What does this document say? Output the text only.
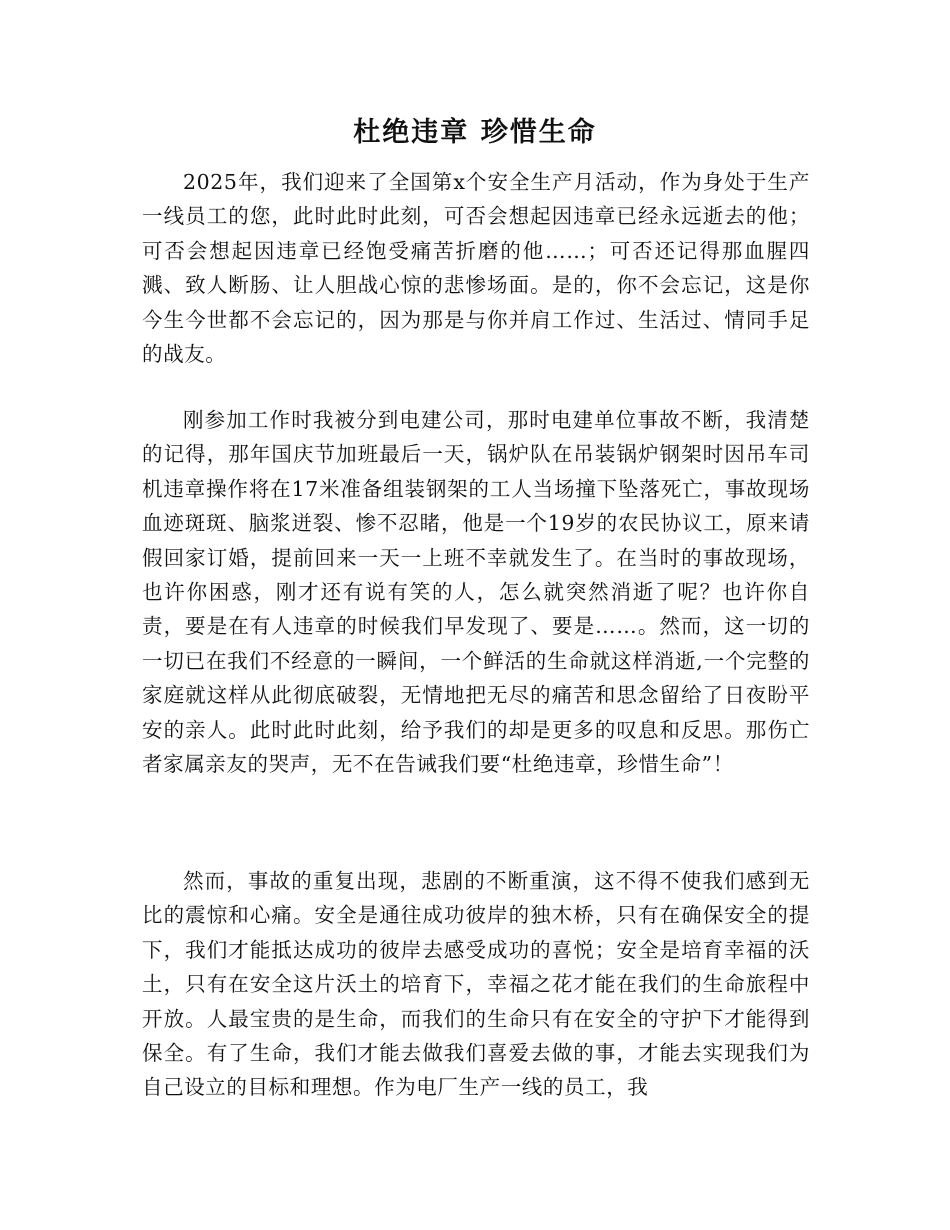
杜绝违章 珍惜生命

2025年，我们迎来了全国第x个安全生产月活动，作为身处于生产一线员工的您，此时此时此刻，可否会想起因违章已经永远逝去的他；可否会想起因违章已经饱受痛苦折磨的他……；可否还记得那血腥四溅、致人断肠、让人胆战心惊的悲惨场面。是的，你不会忘记，这是你今生今世都不会忘记的，因为那是与你并肩工作过、生活过、情同手足的战友。

刚参加工作时我被分到电建公司，那时电建单位事故不断，我清楚的记得，那年国庆节加班最后一天，锅炉队在吊装锅炉钢架时因吊车司机违章操作将在17米准备组装钢架的工人当场撞下坠落死亡，事故现场血迹斑斑、脑浆迸裂、惨不忍睹，他是一个19岁的农民协议工，原来请假回家订婚，提前回来一天一上班不幸就发生了。在当时的事故现场，也许你困惑，刚才还有说有笑的人，怎么就突然消逝了呢？也许你自责，要是在有人违章的时候我们早发现了、要是……。然而，这一切的一切已在我们不经意的一瞬间，一个鲜活的生命就这样消逝,一个完整的家庭就这样从此彻底破裂，无情地把无尽的痛苦和思念留给了日夜盼平安的亲人。此时此时此刻，给予我们的却是更多的叹息和反思。那伤亡者家属亲友的哭声，无不在告诫我们要“杜绝违章，珍惜生命”！

然而，事故的重复出现，悲剧的不断重演，这不得不使我们感到无比的震惊和心痛。安全是通往成功彼岸的独木桥，只有在确保安全的提下，我们才能抵达成功的彼岸去感受成功的喜悦；安全是培育幸福的沃土，只有在安全这片沃土的培育下，幸福之花才能在我们的生命旅程中开放。人最宝贵的是生命，而我们的生命只有在安全的守护下才能得到保全。有了生命，我们才能去做我们喜爱去做的事，才能去实现我们为自己设立的目标和理想。作为电厂生产一线的员工，我
